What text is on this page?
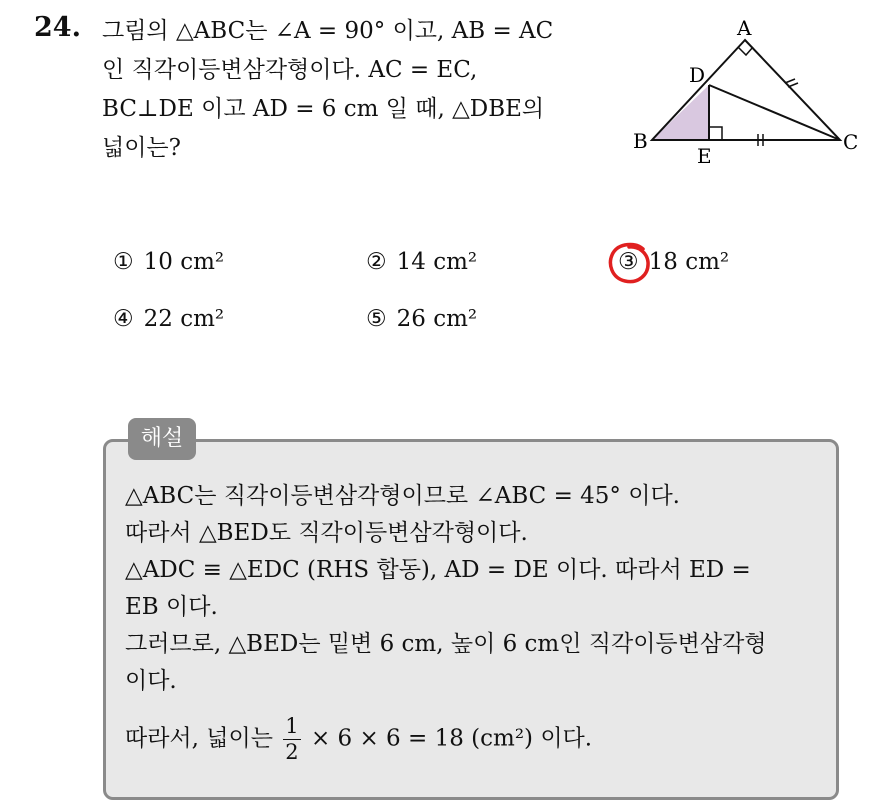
24. 그림의 △ABC는 ∠A = 90° 이고, AB = AC
인 직각이등변삼각형이다. AC = EC,
BC⊥DE 이고 AD = 6 cm 일 때, △DBE의
넓이는?
A
D
B
E
C
① 10 cm²	② 14 cm²	③ 18 cm²
④ 22 cm²	⑤ 26 cm²
해설
△ABC는 직각이등변삼각형이므로 ∠ABC = 45° 이다.
따라서 △BED도 직각이등변삼각형이다.
△ADC ≡ △EDC (RHS 합동), AD = DE 이다. 따라서 ED =
EB 이다.
그러므로, △BED는 밑변 6 cm, 높이 6 cm인 직각이등변삼각형
이다.
따라서, 넓이는 $\frac{1}{2} \times 6 \times 6 = 18$ (cm²) 이다.
